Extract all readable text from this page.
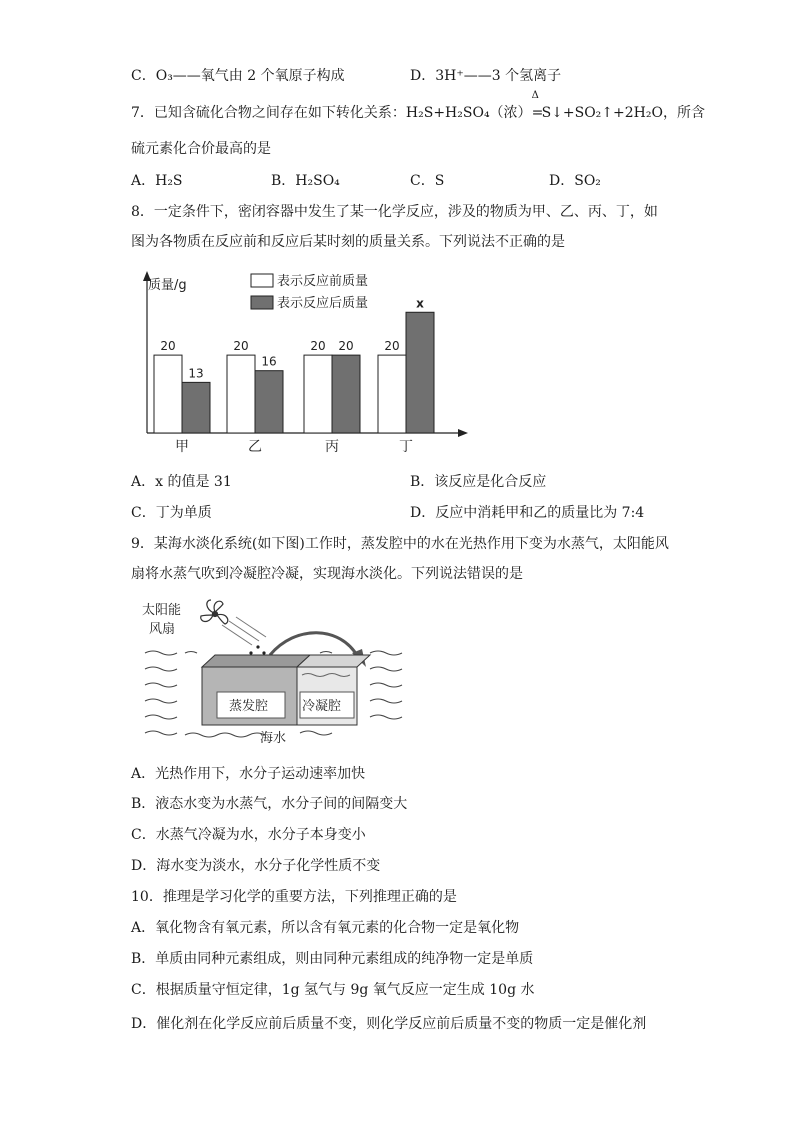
C．O₃——氧气由 2 个氧原子构成	D．3H⁺——3 个氢离子
7．已知含硫化合物之间存在如下转化关系：H₂S+H₂SO₄（浓）
Δ
=S↓+SO₂↑+2H₂O，所含
硫元素化合价最高的是
A．H₂S	B．H₂SO₄	C．S	D．SO₂
8．一定条件下，密闭容器中发生了某一化学反应，涉及的物质为甲、乙、丙、丁，如
图为各物质在反应前和反应后某时刻的质量关系。下列说法不正确的是
质量/g	表示反应前质量
表示反应后质量
20
13
甲
20
16
乙
20 20
丙
20
x
丁
A．x 的值是 31	B．该反应是化合反应
C．丁为单质	D．反应中消耗甲和乙的质量比为 7:4
9．某海水淡化系统(如下图)工作时，蒸发腔中的水在光热作用下变为水蒸气，太阳能风
扇将水蒸气吹到冷凝腔冷凝，实现海水淡化。下列说法错误的是
太阳能
风扇
蒸发腔	冷凝腔
海水
A．光热作用下，水分子运动速率加快
B．液态水变为水蒸气，水分子间的间隔变大
C．水蒸气冷凝为水，水分子本身变小
D．海水变为淡水，水分子化学性质不变
10．推理是学习化学的重要方法，下列推理正确的是
A．氧化物含有氧元素，所以含有氧元素的化合物一定是氧化物
B．单质由同种元素组成，则由同种元素组成的纯净物一定是单质
C．根据质量守恒定律，1g 氢气与 9g 氧气反应一定生成 10g 水
D．催化剂在化学反应前后质量不变，则化学反应前后质量不变的物质一定是催化剂
